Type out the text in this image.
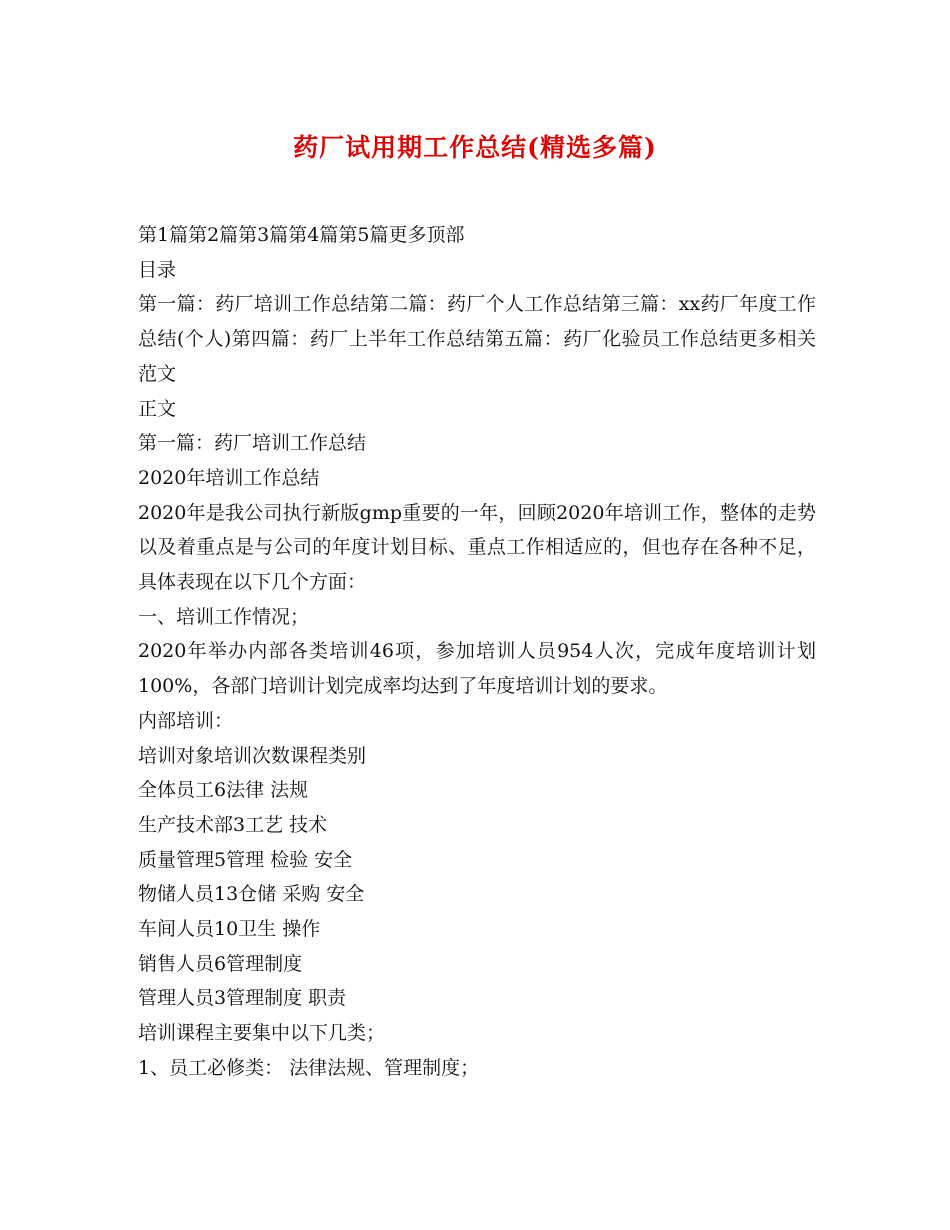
药厂试用期工作总结(精选多篇)

第1篇第2篇第3篇第4篇第5篇更多顶部

目录

第一篇：药厂培训工作总结第二篇：药厂个人工作总结第三篇：xx药厂年度工作总结(个人)第四篇：药厂上半年工作总结第五篇：药厂化验员工作总结更多相关范文

正文

第一篇：药厂培训工作总结

2020年培训工作总结

2020年是我公司执行新版gmp重要的一年，回顾2020年培训工作，整体的走势以及着重点是与公司的年度计划目标、重点工作相适应的，但也存在各种不足，具体表现在以下几个方面：

一、培训工作情况；

2020年举办内部各类培训46项，参加培训人员954人次，完成年度培训计划100%，各部门培训计划完成率均达到了年度培训计划的要求。

内部培训：

培训对象培训次数课程类别

全体员工6法律 法规

生产技术部3工艺 技术

质量管理5管理 检验 安全

物储人员13仓储 采购 安全

车间人员10卫生 操作

销售人员6管理制度

管理人员3管理制度 职责

培训课程主要集中以下几类；

1、员工必修类： 法律法规、管理制度；
